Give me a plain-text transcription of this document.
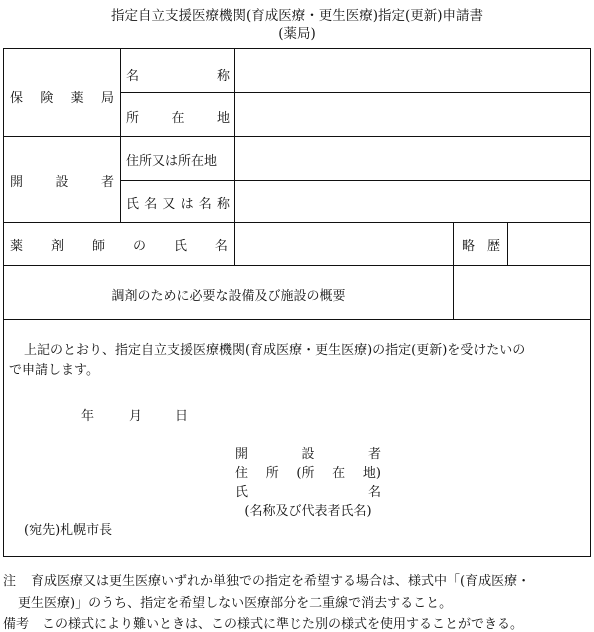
指定自立支援医療機関(育成医療・更生医療)指定(更新)申請書
(薬局)
保 険 薬 局
名	称
所 在 地
開 設 者
住所又は所在地
氏 名 又 は 名 称
薬 剤 師 の 氏 名	略 歴
調剤のために必要な設備及び施設の概要
上記のとおり、指定自立支援医療機関(育成医療・更生医療)の指定(更新)を受けたいの
で申請します。
年	月	日
開	設	者
住 所 (所 在 地)
氏	名
(名称及び代表者氏名)
(宛先)札幌市長
注 育成医療又は更生医療いずれか単独での指定を希望する場合は、様式中「(育成医療・
更生医療)」のうち、指定を希望しない医療部分を二重線で消去すること。
備考 この様式により難いときは、この様式に準じた別の様式を使用することができる。
